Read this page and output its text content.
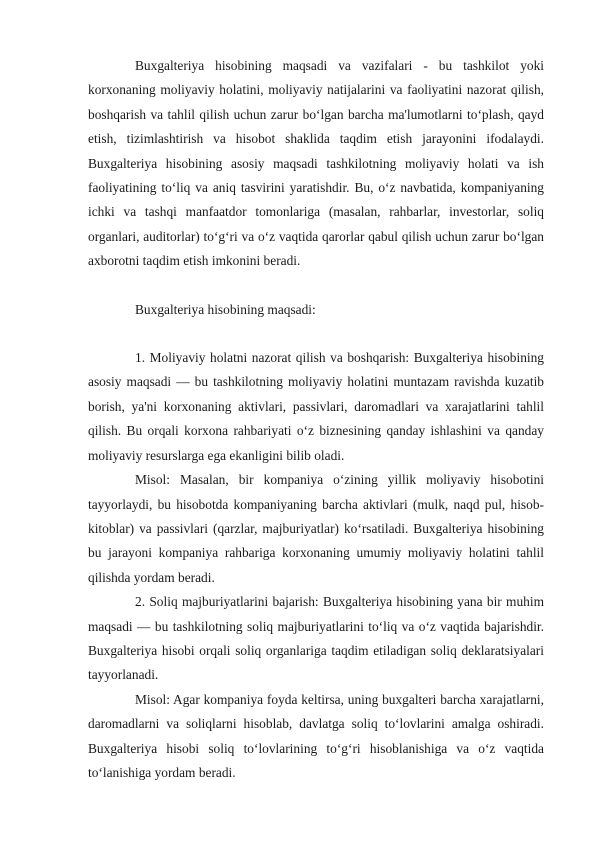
Buxgalteriya hisobining maqsadi va vazifalari - bu tashkilot yoki korxonaning moliyaviy holatini, moliyaviy natijalarini va faoliyatini nazorat qilish, boshqarish va tahlil qilish uchun zarur bo‘lgan barcha ma'lumotlarni to‘plash, qayd etish, tizimlashtirish va hisobot shaklida taqdim etish jarayonini ifodalaydi. Buxgalteriya hisobining asosiy maqsadi tashkilotning moliyaviy holati va ish faoliyatining to‘liq va aniq tasvirini yaratishdir. Bu, o‘z navbatida, kompaniyaning ichki va tashqi manfaatdor tomonlariga (masalan, rahbarlar, investorlar, soliq organlari, auditorlar) to‘g‘ri va o‘z vaqtida qarorlar qabul qilish uchun zarur bo‘lgan axborotni taqdim etish imkonini beradi.

Buxgalteriya hisobining maqsadi:

1. Moliyaviy holatni nazorat qilish va boshqarish: Buxgalteriya hisobining asosiy maqsadi — bu tashkilotning moliyaviy holatini muntazam ravishda kuzatib borish, ya'ni korxonaning aktivlari, passivlari, daromadlari va xarajatlarini tahlil qilish. Bu orqali korxona rahbariyati o‘z biznesining qanday ishlashini va qanday moliyaviy resurslarga ega ekanligini bilib oladi.

Misol: Masalan, bir kompaniya o‘zining yillik moliyaviy hisobotini tayyorlaydi, bu hisobotda kompaniyaning barcha aktivlari (mulk, naqd pul, hisob-kitoblar) va passivlari (qarzlar, majburiyatlar) ko‘rsatiladi. Buxgalteriya hisobining bu jarayoni kompaniya rahbariga korxonaning umumiy moliyaviy holatini tahlil qilishda yordam beradi.

2. Soliq majburiyatlarini bajarish: Buxgalteriya hisobining yana bir muhim maqsadi — bu tashkilotning soliq majburiyatlarini to‘liq va o‘z vaqtida bajarishdir. Buxgalteriya hisobi orqali soliq organlariga taqdim etiladigan soliq deklaratsiyalari tayyorlanadi.

Misol: Agar kompaniya foyda keltirsa, uning buxgalteri barcha xarajatlarni, daromadlarni va soliqlarni hisoblab, davlatga soliq to‘lovlarini amalga oshiradi. Buxgalteriya hisobi soliq to‘lovlarining to‘g‘ri hisoblanishiga va o‘z vaqtida to‘lanishiga yordam beradi.
